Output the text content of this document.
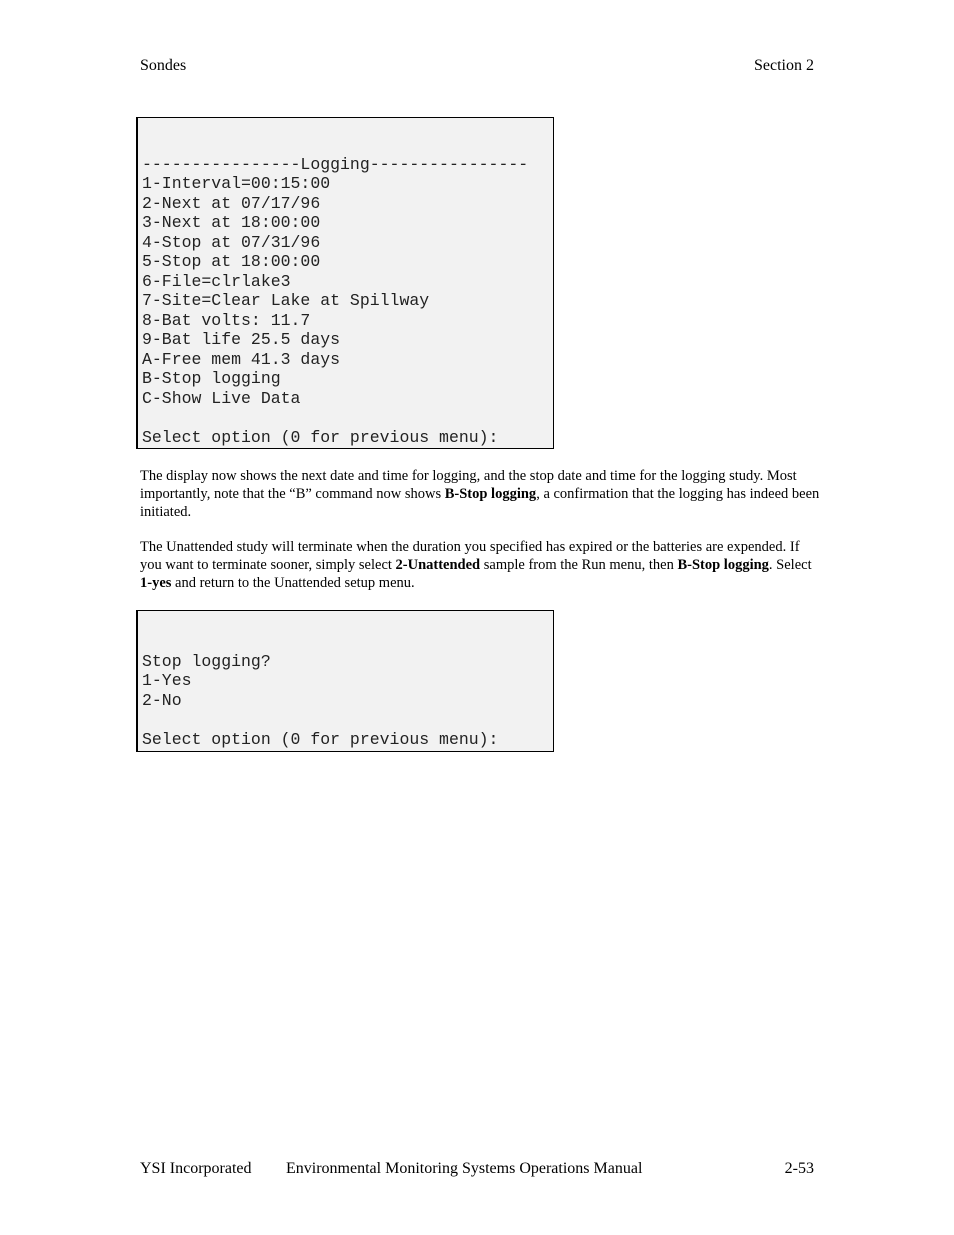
Sondes	Section 2

----------------Logging----------------
1-Interval=00:15:00
2-Next at 07/17/96
3-Next at 18:00:00
4-Stop at 07/31/96
5-Stop at 18:00:00
6-File=clrlake3
7-Site=Clear Lake at Spillway
8-Bat volts: 11.7
9-Bat life 25.5 days
A-Free mem 41.3 days
B-Stop logging
C-Show Live Data
Select option (0 for previous menu):

The display now shows the next date and time for logging, and the stop date and time for the logging study. Most importantly, note that the “B” command now shows B-Stop logging, a confirmation that the logging has indeed been initiated.
The Unattended study will terminate when the duration you specified has expired or the batteries are expended. If you want to terminate sooner, simply select 2-Unattended sample from the Run menu, then B-Stop logging. Select 1-yes and return to the Unattended setup menu.

Stop logging?
1-Yes
2-No
Select option (0 for previous menu):

YSI Incorporated Environmental Monitoring Systems Operations Manual	2-53
